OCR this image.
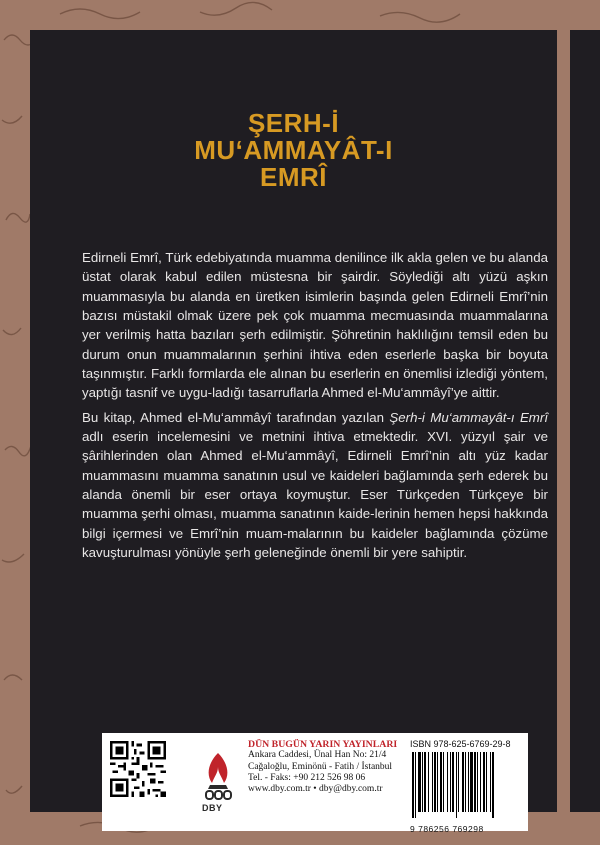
ŞERH-İ
MU‘AMMAYÂT-I
EMRÎ

Edirneli Emrî, Türk edebiyatında muamma denilince ilk akla gelen ve bu alanda üstat olarak kabul edilen müstesna bir şairdir. Söylediği altı yüzü aşkın muammasıyla bu alanda en üretken isimlerin başında gelen Edirneli Emrî’nin bazısı müstakil olmak üzere pek çok muamma mecmuasında muammalarına yer verilmiş hatta bazıları şerh edilmiştir. Şöhretinin haklılığını temsil eden bu durum onun muammalarının şerhini ihtiva eden eserlerle başka bir boyuta taşınmıştır. Farklı formlarda ele alınan bu eserlerin en önemlisi izlediği yöntem, yaptığı tasnif ve uygu-ladığı tasarruflarla Ahmed el-Mu‘ammâyî’ye aittir.

Bu kitap, Ahmed el-Mu‘ammâyî tarafından yazılan Şerh-i Mu‘ammayât-ı Emrî adlı eserin incelemesini ve metnini ihtiva etmektedir. XVI. yüzyıl şair ve şârihlerinden olan Ahmed el-Mu‘ammâyî, Edirneli Emrî’nin altı yüz kadar muammasını muamma sanatının usul ve kaideleri bağlamında şerh ederek bu alanda önemli bir eser ortaya koymuştur. Eser Türkçeden Türkçeye bir muamma şerhi olması, muamma sanatının kaide-lerinin hemen hepsi hakkında bilgi içermesi ve Emrî’nin muam-malarının bu kaideler bağlamında çözüme kavuşturulması yönüyle şerh geleneğinde önemli bir yere sahiptir.

DBY
DÜN BUGÜN YARIN YAYINLARI
Ankara Caddesi, Ünal Han No: 21/4
Cağaloğlu, Eminönü - Fatih / İstanbul
Tel. - Faks: +90 212 526 98 06
www.dby.com.tr • dby@dby.com.tr
ISBN 978-625-6769-29-8
9 786256 769298
